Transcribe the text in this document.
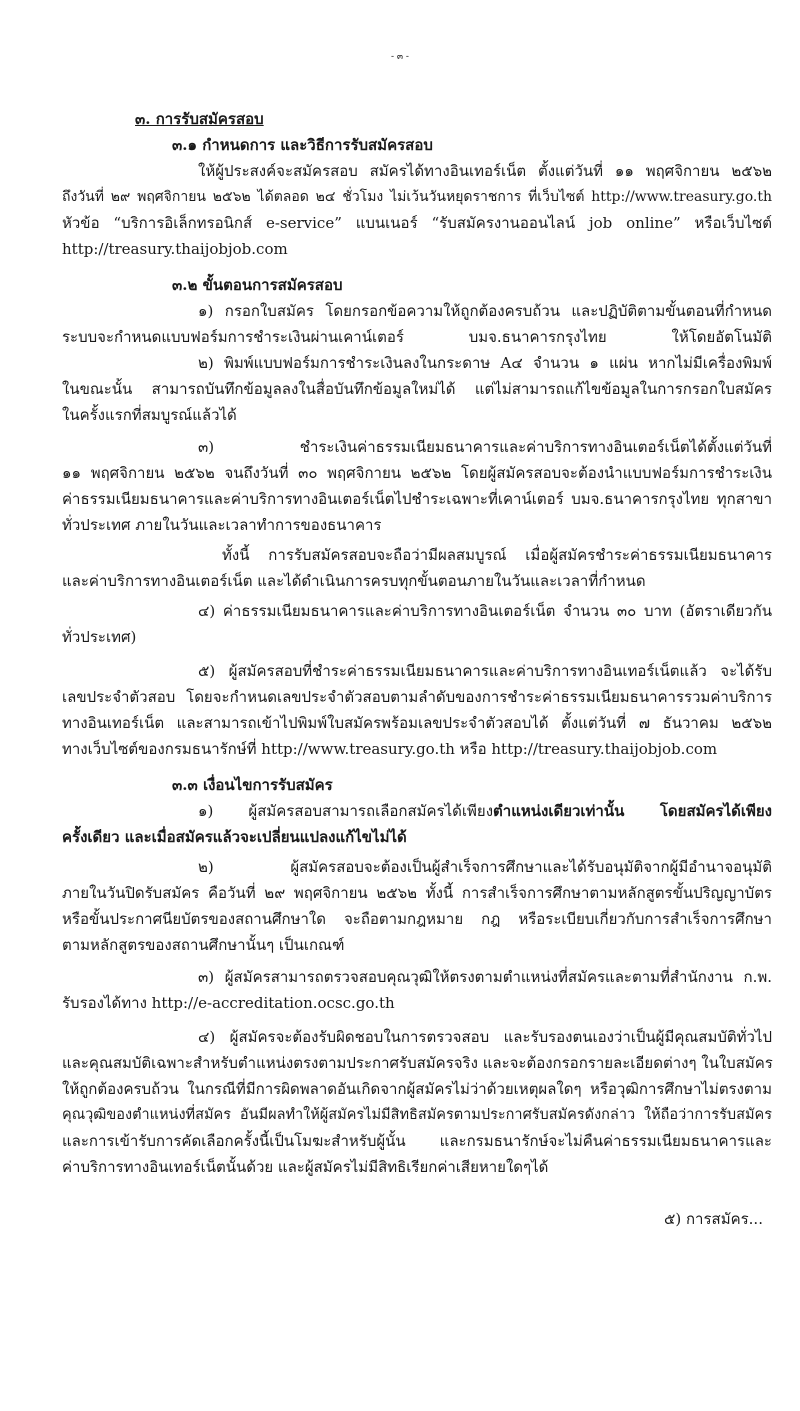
- ๓ -
๓. การรับสมัครสอบ
๓.๑ กำหนดการ และวิธีการรับสมัครสอบ
ให้ผู้ประสงค์จะสมัครสอบ สมัครได้ทางอินเทอร์เน็ต ตั้งแต่วันที่ ๑๑ พฤศจิกายน ๒๕๖๒
ถึงวันที่ ๒๙ พฤศจิกายน ๒๕๖๒ ได้ตลอด ๒๔ ชั่วโมง ไม่เว้นวันหยุดราชการ ที่เว็บไซต์ http://www.treasury.go.th
หัวข้อ “บริการอิเล็กทรอนิกส์ e-service” แบนเนอร์ “รับสมัครงานออนไลน์ job online” หรือเว็บไซต์
http://treasury.thaijobjob.com
๓.๒ ขั้นตอนการสมัครสอบ
๑) กรอกใบสมัคร โดยกรอกข้อความให้ถูกต้องครบถ้วน และปฏิบัติตามขั้นตอนที่กำหนด
ระบบจะกำหนดแบบฟอร์มการชำระเงินผ่านเคาน์เตอร์ บมจ.ธนาคารกรุงไทย ให้โดยอัตโนมัติ
๒) พิมพ์แบบฟอร์มการชำระเงินลงในกระดาษ A๔ จำนวน ๑ แผ่น หากไม่มีเครื่องพิมพ์
ในขณะนั้น สามารถบันทึกข้อมูลลงในสื่อบันทึกข้อมูลใหม่ได้ แต่ไม่สามารถแก้ไขข้อมูลในการกรอกใบสมัคร
ในครั้งแรกที่สมบูรณ์แล้วได้
๓) ชำระเงินค่าธรรมเนียมธนาคารและค่าบริการทางอินเตอร์เน็ตได้ตั้งแต่วันที่
๑๑ พฤศจิกายน ๒๕๖๒ จนถึงวันที่ ๓๐ พฤศจิกายน ๒๕๖๒ โดยผู้สมัครสอบจะต้องนำแบบฟอร์มการชำระเงิน
ค่าธรรมเนียมธนาคารและค่าบริการทางอินเตอร์เน็ตไปชำระเฉพาะที่เคาน์เตอร์ บมจ.ธนาคารกรุงไทย ทุกสาขา
ทั่วประเทศ ภายในวันและเวลาทำการของธนาคาร
ทั้งนี้ การรับสมัครสอบจะถือว่ามีผลสมบูรณ์ เมื่อผู้สมัครชำระค่าธรรมเนียมธนาคาร
และค่าบริการทางอินเตอร์เน็ต และได้ดำเนินการครบทุกขั้นตอนภายในวันและเวลาที่กำหนด
๔) ค่าธรรมเนียมธนาคารและค่าบริการทางอินเตอร์เน็ต จำนวน ๓๐ บาท (อัตราเดียวกัน
ทั่วประเทศ)
๕) ผู้สมัครสอบที่ชำระค่าธรรมเนียมธนาคารและค่าบริการทางอินเทอร์เน็ตแล้ว จะได้รับ
เลขประจำตัวสอบ โดยจะกำหนดเลขประจำตัวสอบตามลำดับของการชำระค่าธรรมเนียมธนาคารรวมค่าบริการ
ทางอินเทอร์เน็ต และสามารถเข้าไปพิมพ์ใบสมัครพร้อมเลขประจำตัวสอบได้ ตั้งแต่วันที่ ๗ ธันวาคม ๒๕๖๒
ทางเว็บไซต์ของกรมธนารักษ์ที่ http://www.treasury.go.th หรือ http://treasury.thaijobjob.com
๓.๓ เงื่อนไขการรับสมัคร
๑) ผู้สมัครสอบสามารถเลือกสมัครได้เพียงตำแหน่งเดียวเท่านั้น โดยสมัครได้เพียง
ครั้งเดียว และเมื่อสมัครแล้วจะเปลี่ยนแปลงแก้ไขไม่ได้
๒) ผู้สมัครสอบจะต้องเป็นผู้สำเร็จการศึกษาและได้รับอนุมัติจากผู้มีอำนาจอนุมัติ
ภายในวันปิดรับสมัคร คือวันที่ ๒๙ พฤศจิกายน ๒๕๖๒ ทั้งนี้ การสำเร็จการศึกษาตามหลักสูตรขั้นปริญญาบัตร
หรือขั้นประกาศนียบัตรของสถานศึกษาใด จะถือตามกฎหมาย กฎ หรือระเบียบเกี่ยวกับการสำเร็จการศึกษา
ตามหลักสูตรของสถานศึกษานั้นๆ เป็นเกณฑ์
๓) ผู้สมัครสามารถตรวจสอบคุณวุฒิให้ตรงตามตำแหน่งที่สมัครและตามที่สำนักงาน ก.พ.
รับรองได้ทาง http://e-accreditation.ocsc.go.th
๔) ผู้สมัครจะต้องรับผิดชอบในการตรวจสอบ และรับรองตนเองว่าเป็นผู้มีคุณสมบัติทั่วไป
และคุณสมบัติเฉพาะสำหรับตำแหน่งตรงตามประกาศรับสมัครจริง และจะต้องกรอกรายละเอียดต่างๆ ในใบสมัคร
ให้ถูกต้องครบถ้วน ในกรณีที่มีการผิดพลาดอันเกิดจากผู้สมัครไม่ว่าด้วยเหตุผลใดๆ หรือวุฒิการศึกษาไม่ตรงตาม
คุณวุฒิของตำแหน่งที่สมัคร อันมีผลทำให้ผู้สมัครไม่มีสิทธิสมัครตามประกาศรับสมัครดังกล่าว ให้ถือว่าการรับสมัคร
และการเข้ารับการคัดเลือกครั้งนี้เป็นโมฆะสำหรับผู้นั้น และกรมธนารักษ์จะไม่คืนค่าธรรมเนียมธนาคารและ
ค่าบริการทางอินเทอร์เน็ตนั้นด้วย และผู้สมัครไม่มีสิทธิเรียกค่าเสียหายใดๆได้
๕) การสมัคร...
